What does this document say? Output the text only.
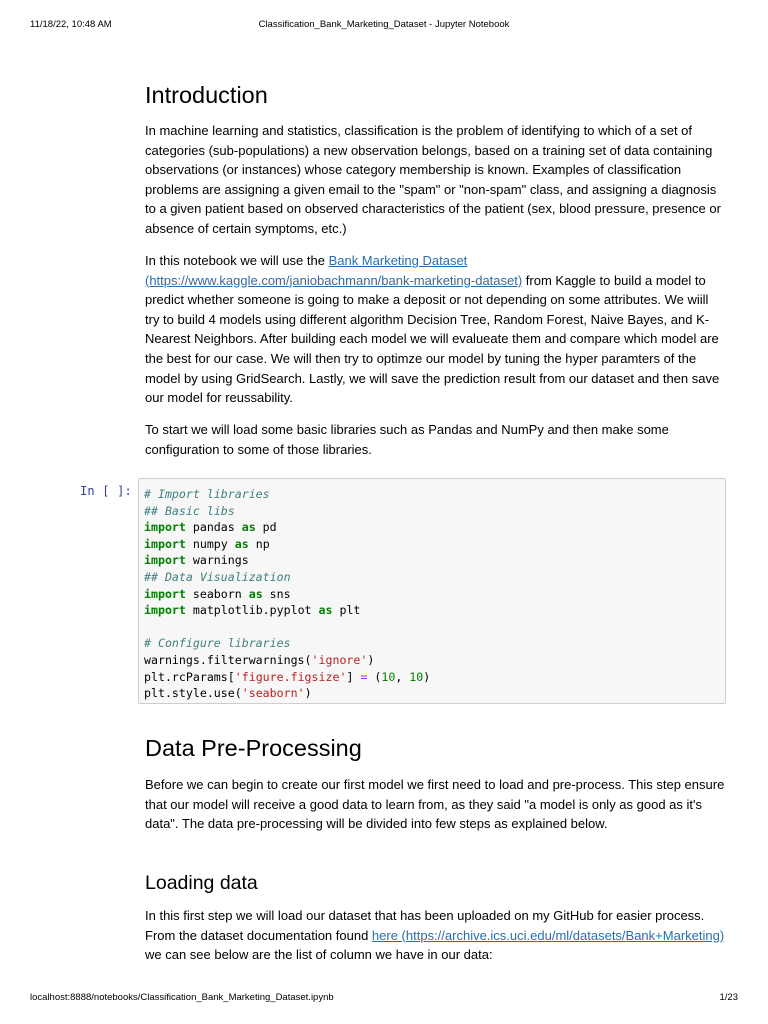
11/18/22, 10:48 AM	Classification_Bank_Marketing_Dataset - Jupyter Notebook
Introduction

In machine learning and statistics, classification is the problem of identifying to which of a set of categories (sub-populations) a new observation belongs, based on a training set of data containing observations (or instances) whose category membership is known. Examples of classification problems are assigning a given email to the "spam" or "non-spam" class, and assigning a diagnosis to a given patient based on observed characteristics of the patient (sex, blood pressure, presence or absence of certain symptoms, etc.)

In this notebook we will use the Bank Marketing Dataset (https://www.kaggle.com/janiobachmann/bank-marketing-dataset) from Kaggle to build a model to predict whether someone is going to make a deposit or not depending on some attributes. We wiill try to build 4 models using different algorithm Decision Tree, Random Forest, Naive Bayes, and K-Nearest Neighbors. After building each model we will evalueate them and compare which model are the best for our case. We will then try to optimze our model by tuning the hyper paramters of the model by using GridSearch. Lastly, we will save the prediction result from our dataset and then save our model for reussability.

To start we will load some basic libraries such as Pandas and NumPy and then make some configuration to some of those libraries.

In [ ]: # Import libraries
## Basic libs
import pandas as pd
import numpy as np
import warnings
## Data Visualization
import seaborn as sns
import matplotlib.pyplot as plt

# Configure libraries
warnings.filterwarnings('ignore')
plt.rcParams['figure.figsize'] = (10, 10)
plt.style.use('seaborn')
Data Pre-Processing

Before we can begin to create our first model we first need to load and pre-process. This step ensure that our model will receive a good data to learn from, as they said "a model is only as good as it's data". The data pre-processing will be divided into few steps as explained below.

Loading data

In this first step we will load our dataset that has been uploaded on my GitHub for easier process. From the dataset documentation found here (https://archive.ics.uci.edu/ml/datasets/Bank+Marketing) we can see below are the list of column we have in our data:

localhost:8888/notebooks/Classification_Bank_Marketing_Dataset.ipynb	1/23
